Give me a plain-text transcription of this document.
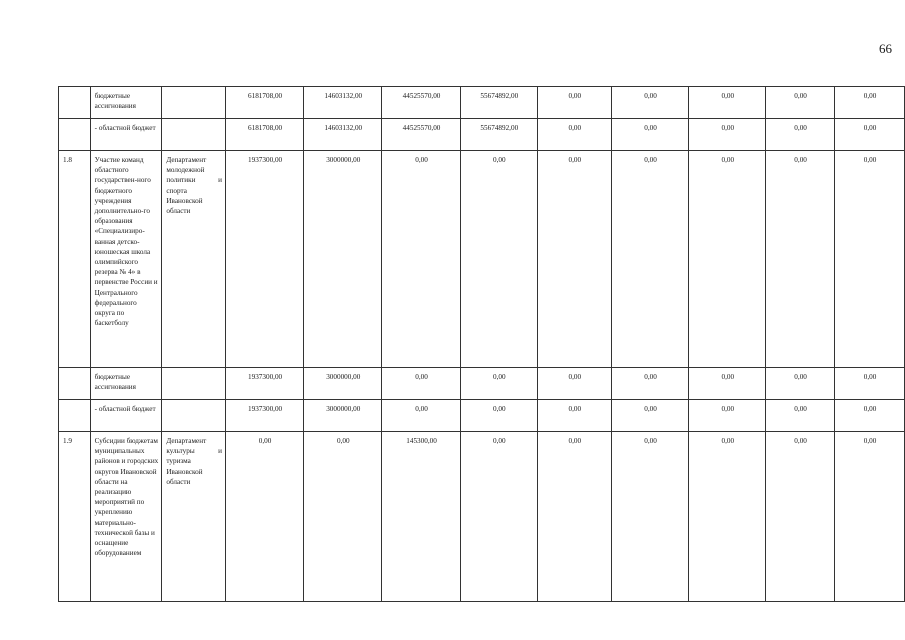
66
	бюджетные ассигнования		6181708,00	14603132,00	44525570,00	55674892,00	0,00	0,00	0,00	0,00	0,00
	- областной бюджет		6181708,00	14603132,00	44525570,00	55674892,00	0,00	0,00	0,00	0,00	0,00
1.8	Участие команд областного государствен-ного бюджетного учреждения дополнительно-го образования «Специализиро-ванная детско-юношеская школа олимпийского резерва № 4» в первенстве России и Центрального федерального округа по баскетболу	Департамент молодежной политики и спорта Ивановской области	1937300,00	3000000,00	0,00	0,00	0,00	0,00	0,00	0,00	0,00
	бюджетные ассигнования		1937300,00	3000000,00	0,00	0,00	0,00	0,00	0,00	0,00	0,00
	- областной бюджет		1937300,00	3000000,00	0,00	0,00	0,00	0,00	0,00	0,00	0,00
1.9	Субсидии бюджетам муниципальных районов и городских округов Ивановской области на реализацию мероприятий по укреплению материально-технической базы и оснащение оборудованием	Департамент культуры и туризма Ивановской области	0,00	0,00	145300,00	0,00	0,00	0,00	0,00	0,00	0,00
